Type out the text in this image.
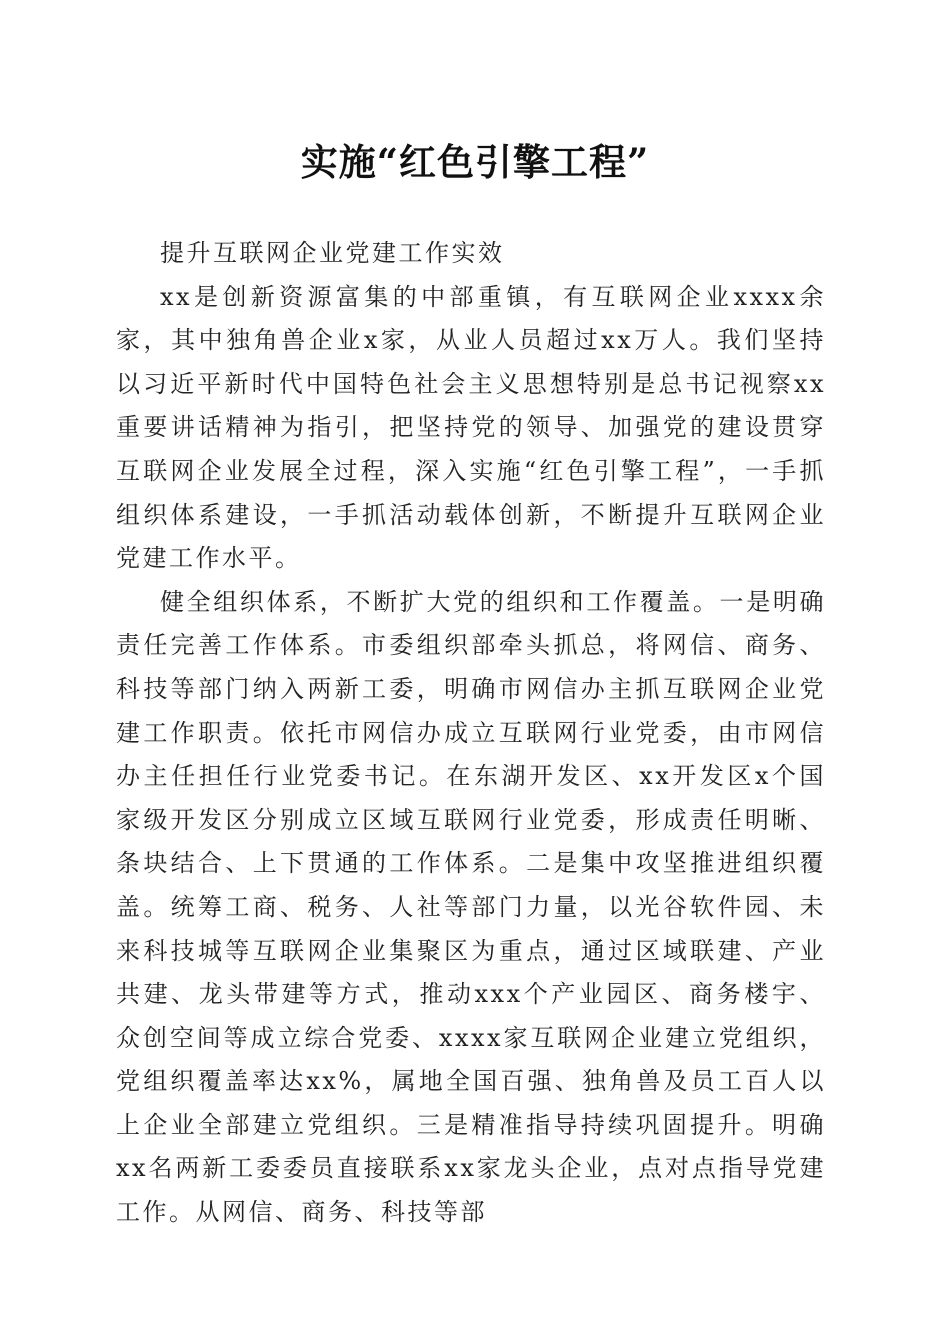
实施“红色引擎工程”

提升互联网企业党建工作实效

xx是创新资源富集的中部重镇，有互联网企业xxxx余家，其中独角兽企业x家，从业人员超过xx万人。我们坚持以习近平新时代中国特色社会主义思想特别是总书记视察xx重要讲话精神为指引，把坚持党的领导、加强党的建设贯穿互联网企业发展全过程，深入实施“红色引擎工程”，一手抓组织体系建设，一手抓活动载体创新，不断提升互联网企业党建工作水平。

健全组织体系，不断扩大党的组织和工作覆盖。一是明确责任完善工作体系。市委组织部牵头抓总，将网信、商务、科技等部门纳入两新工委，明确市网信办主抓互联网企业党建工作职责。依托市网信办成立互联网行业党委，由市网信办主任担任行业党委书记。在东湖开发区、xx开发区x个国家级开发区分别成立区域互联网行业党委，形成责任明晰、条块结合、上下贯通的工作体系。二是集中攻坚推进组织覆盖。统筹工商、税务、人社等部门力量，以光谷软件园、未来科技城等互联网企业集聚区为重点，通过区域联建、产业共建、龙头带建等方式，推动xxx个产业园区、商务楼宇、众创空间等成立综合党委、xxxx家互联网企业建立党组织，党组织覆盖率达xx%，属地全国百强、独角兽及员工百人以上企业全部建立党组织。三是精准指导持续巩固提升。明确xx名两新工委委员直接联系xx家龙头企业，点对点指导党建工作。从网信、商务、科技等部
